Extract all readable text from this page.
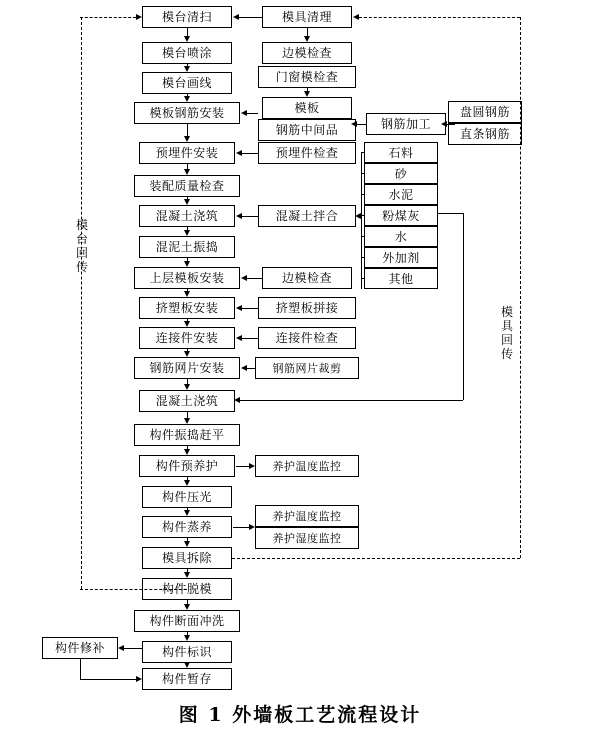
模台清扫
模台喷涂
模台画线
模板钢筋安装
预埋件安装
装配质量检查
混凝土浇筑
混泥土振捣
上层模板安装
挤塑板安装
连接件安装
钢筋网片安装
混凝土浇筑
构件振捣赶平
构件预养护
构件压光
构件蒸养
模具拆除
构件脱模
构件断面冲洗
构件标识
构件暂存
模具清理
边模检查
门窗模检查
模板
钢筋中间品	钢筋加工
盘圆钢筋
直条钢筋
预埋件检查
混凝土拌合
边模检查
挤塑板拼接
连接件检查
钢筋网片裁剪
养护温度监控
养护温度监控
养护湿度监控
构件修补
石料
砂
水泥
粉煤灰
水
外加剂
其他
模
台
回
传
模
具
回
传
图 1 外墙板工艺流程设计
